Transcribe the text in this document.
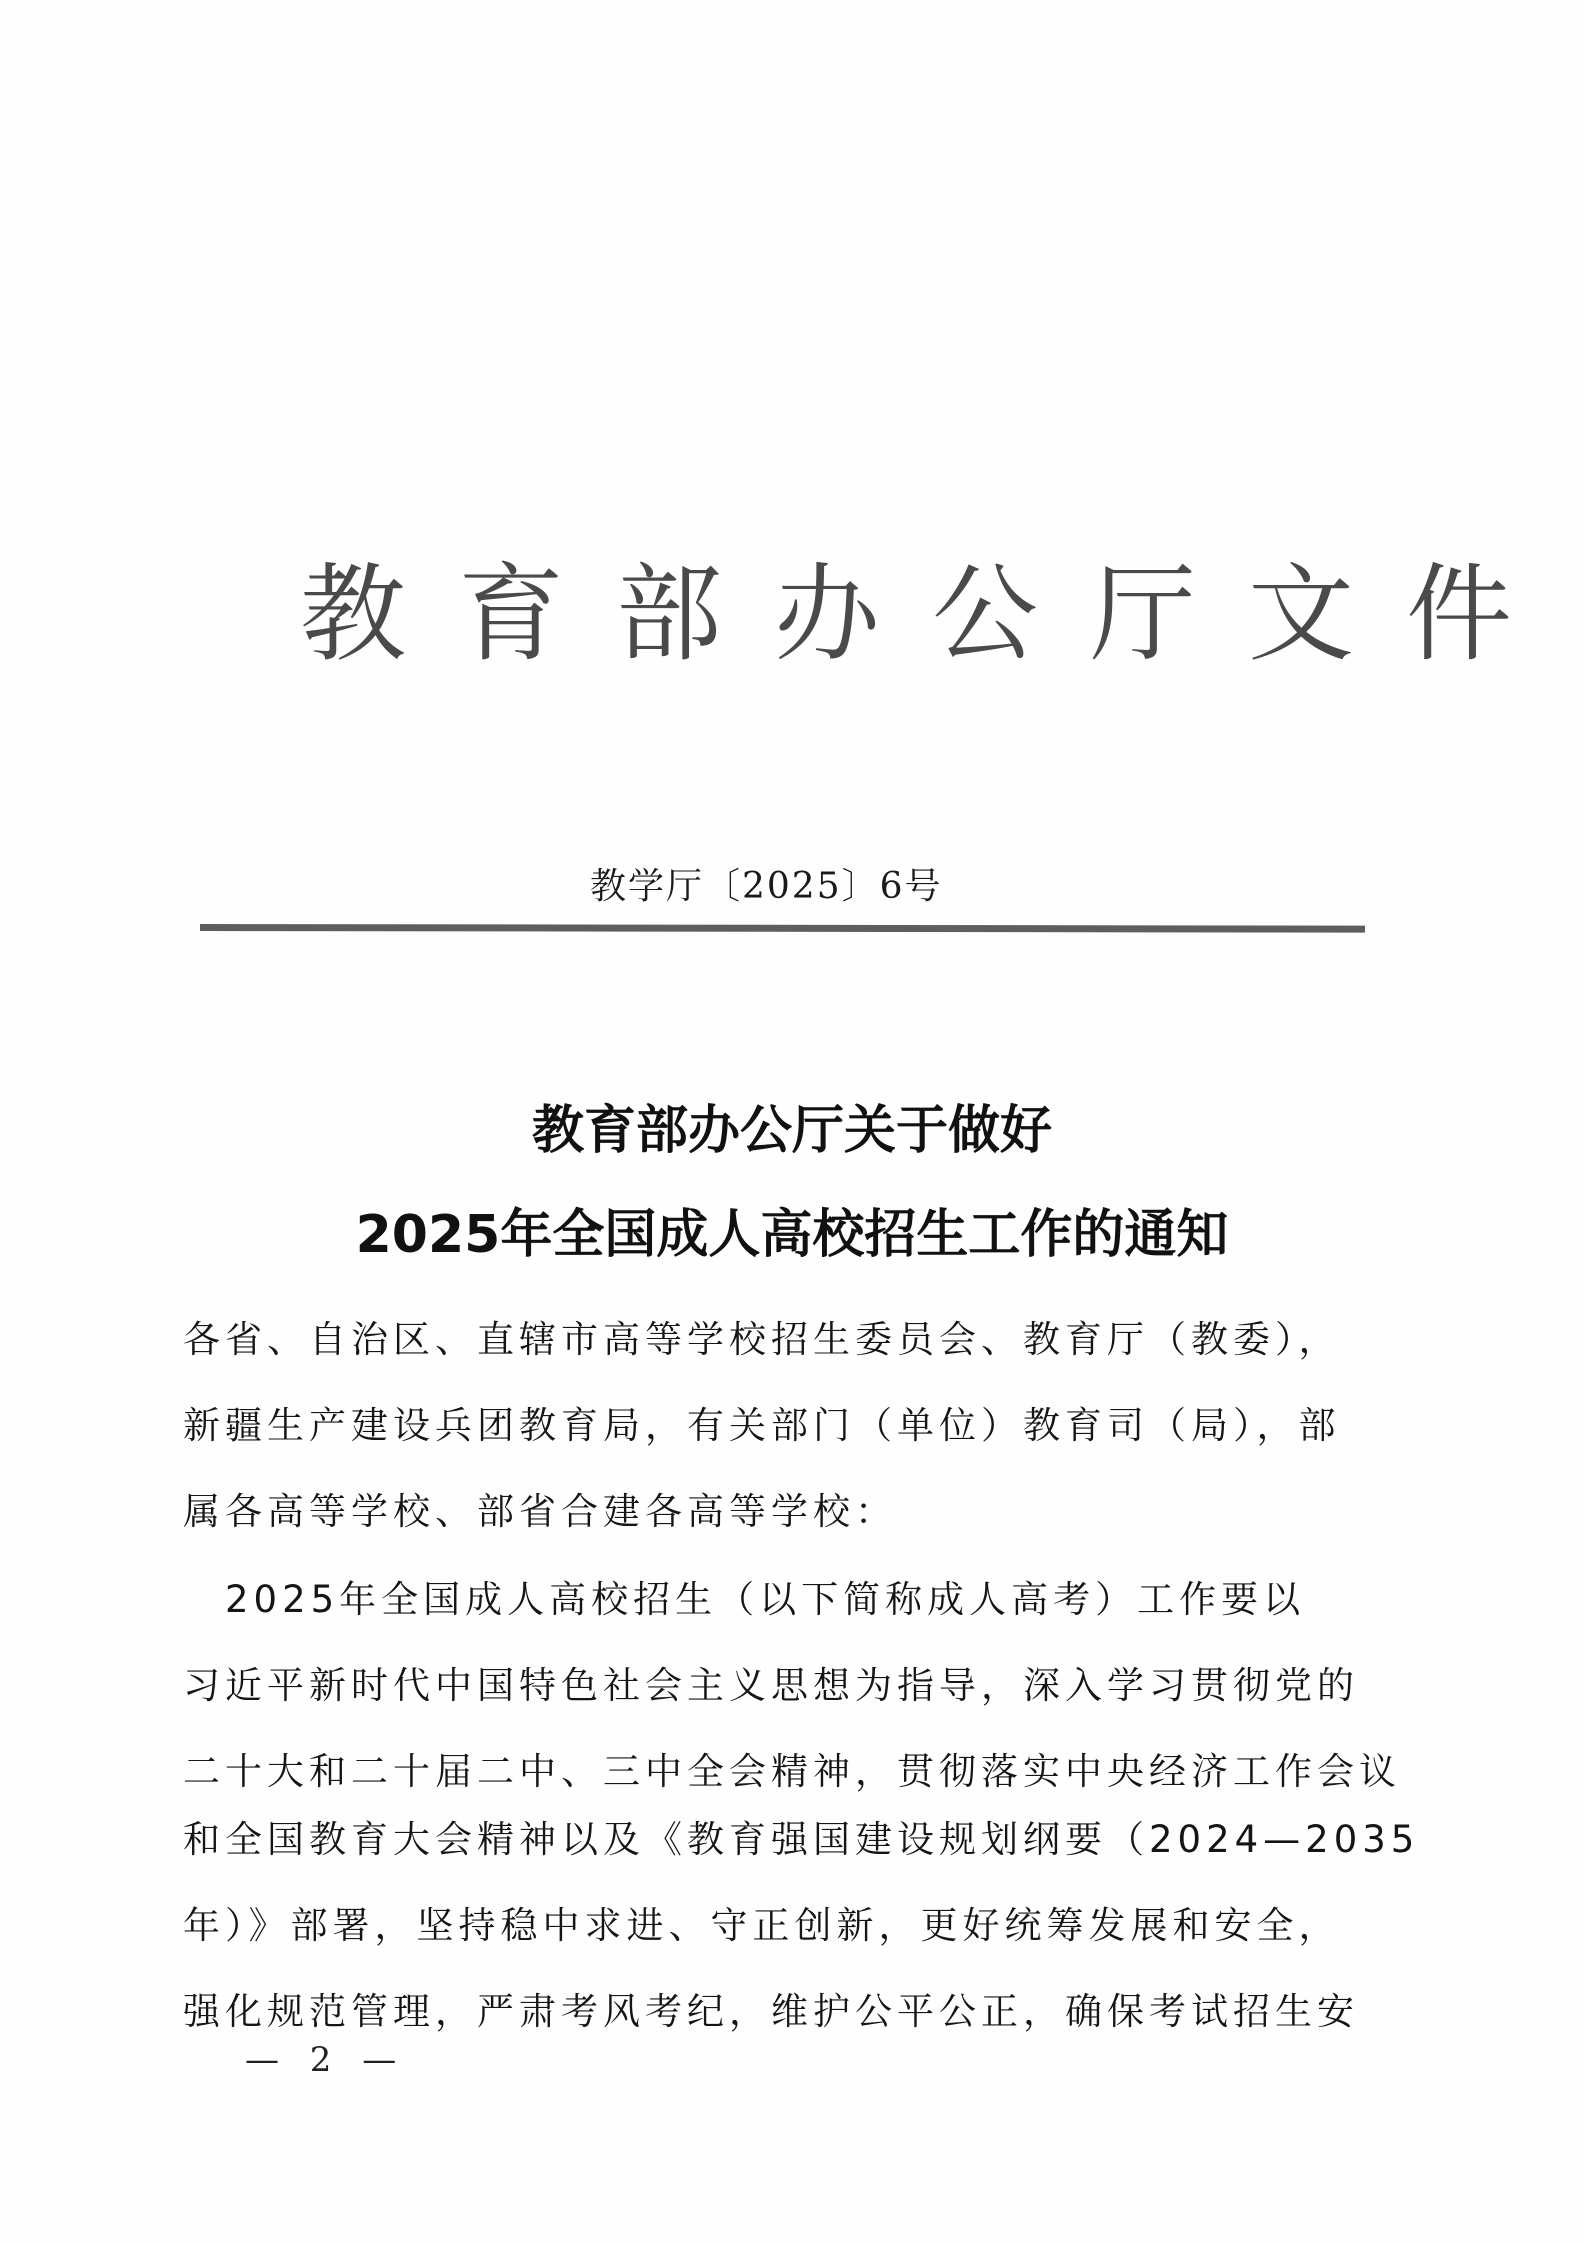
教育部办公厅文件
教学厅〔2025〕6号
教育部办公厅关于做好
2025年全国成人高校招生工作的通知
各省、自治区、直辖市高等学校招生委员会、教育厅（教委），
新疆生产建设兵团教育局，有关部门（单位）教育司（局），部
属各高等学校、部省合建各高等学校：
　2025年全国成人高校招生（以下简称成人高考）工作要以
习近平新时代中国特色社会主义思想为指导，深入学习贯彻党的
二十大和二十届二中、三中全会精神，贯彻落实中央经济工作会议
和全国教育大会精神以及《教育强国建设规划纲要（2024—2035
年）》部署，坚持稳中求进、守正创新，更好统筹发展和安全，
强化规范管理，严肃考风考纪，维护公平公正，确保考试招生安
— 2 —
